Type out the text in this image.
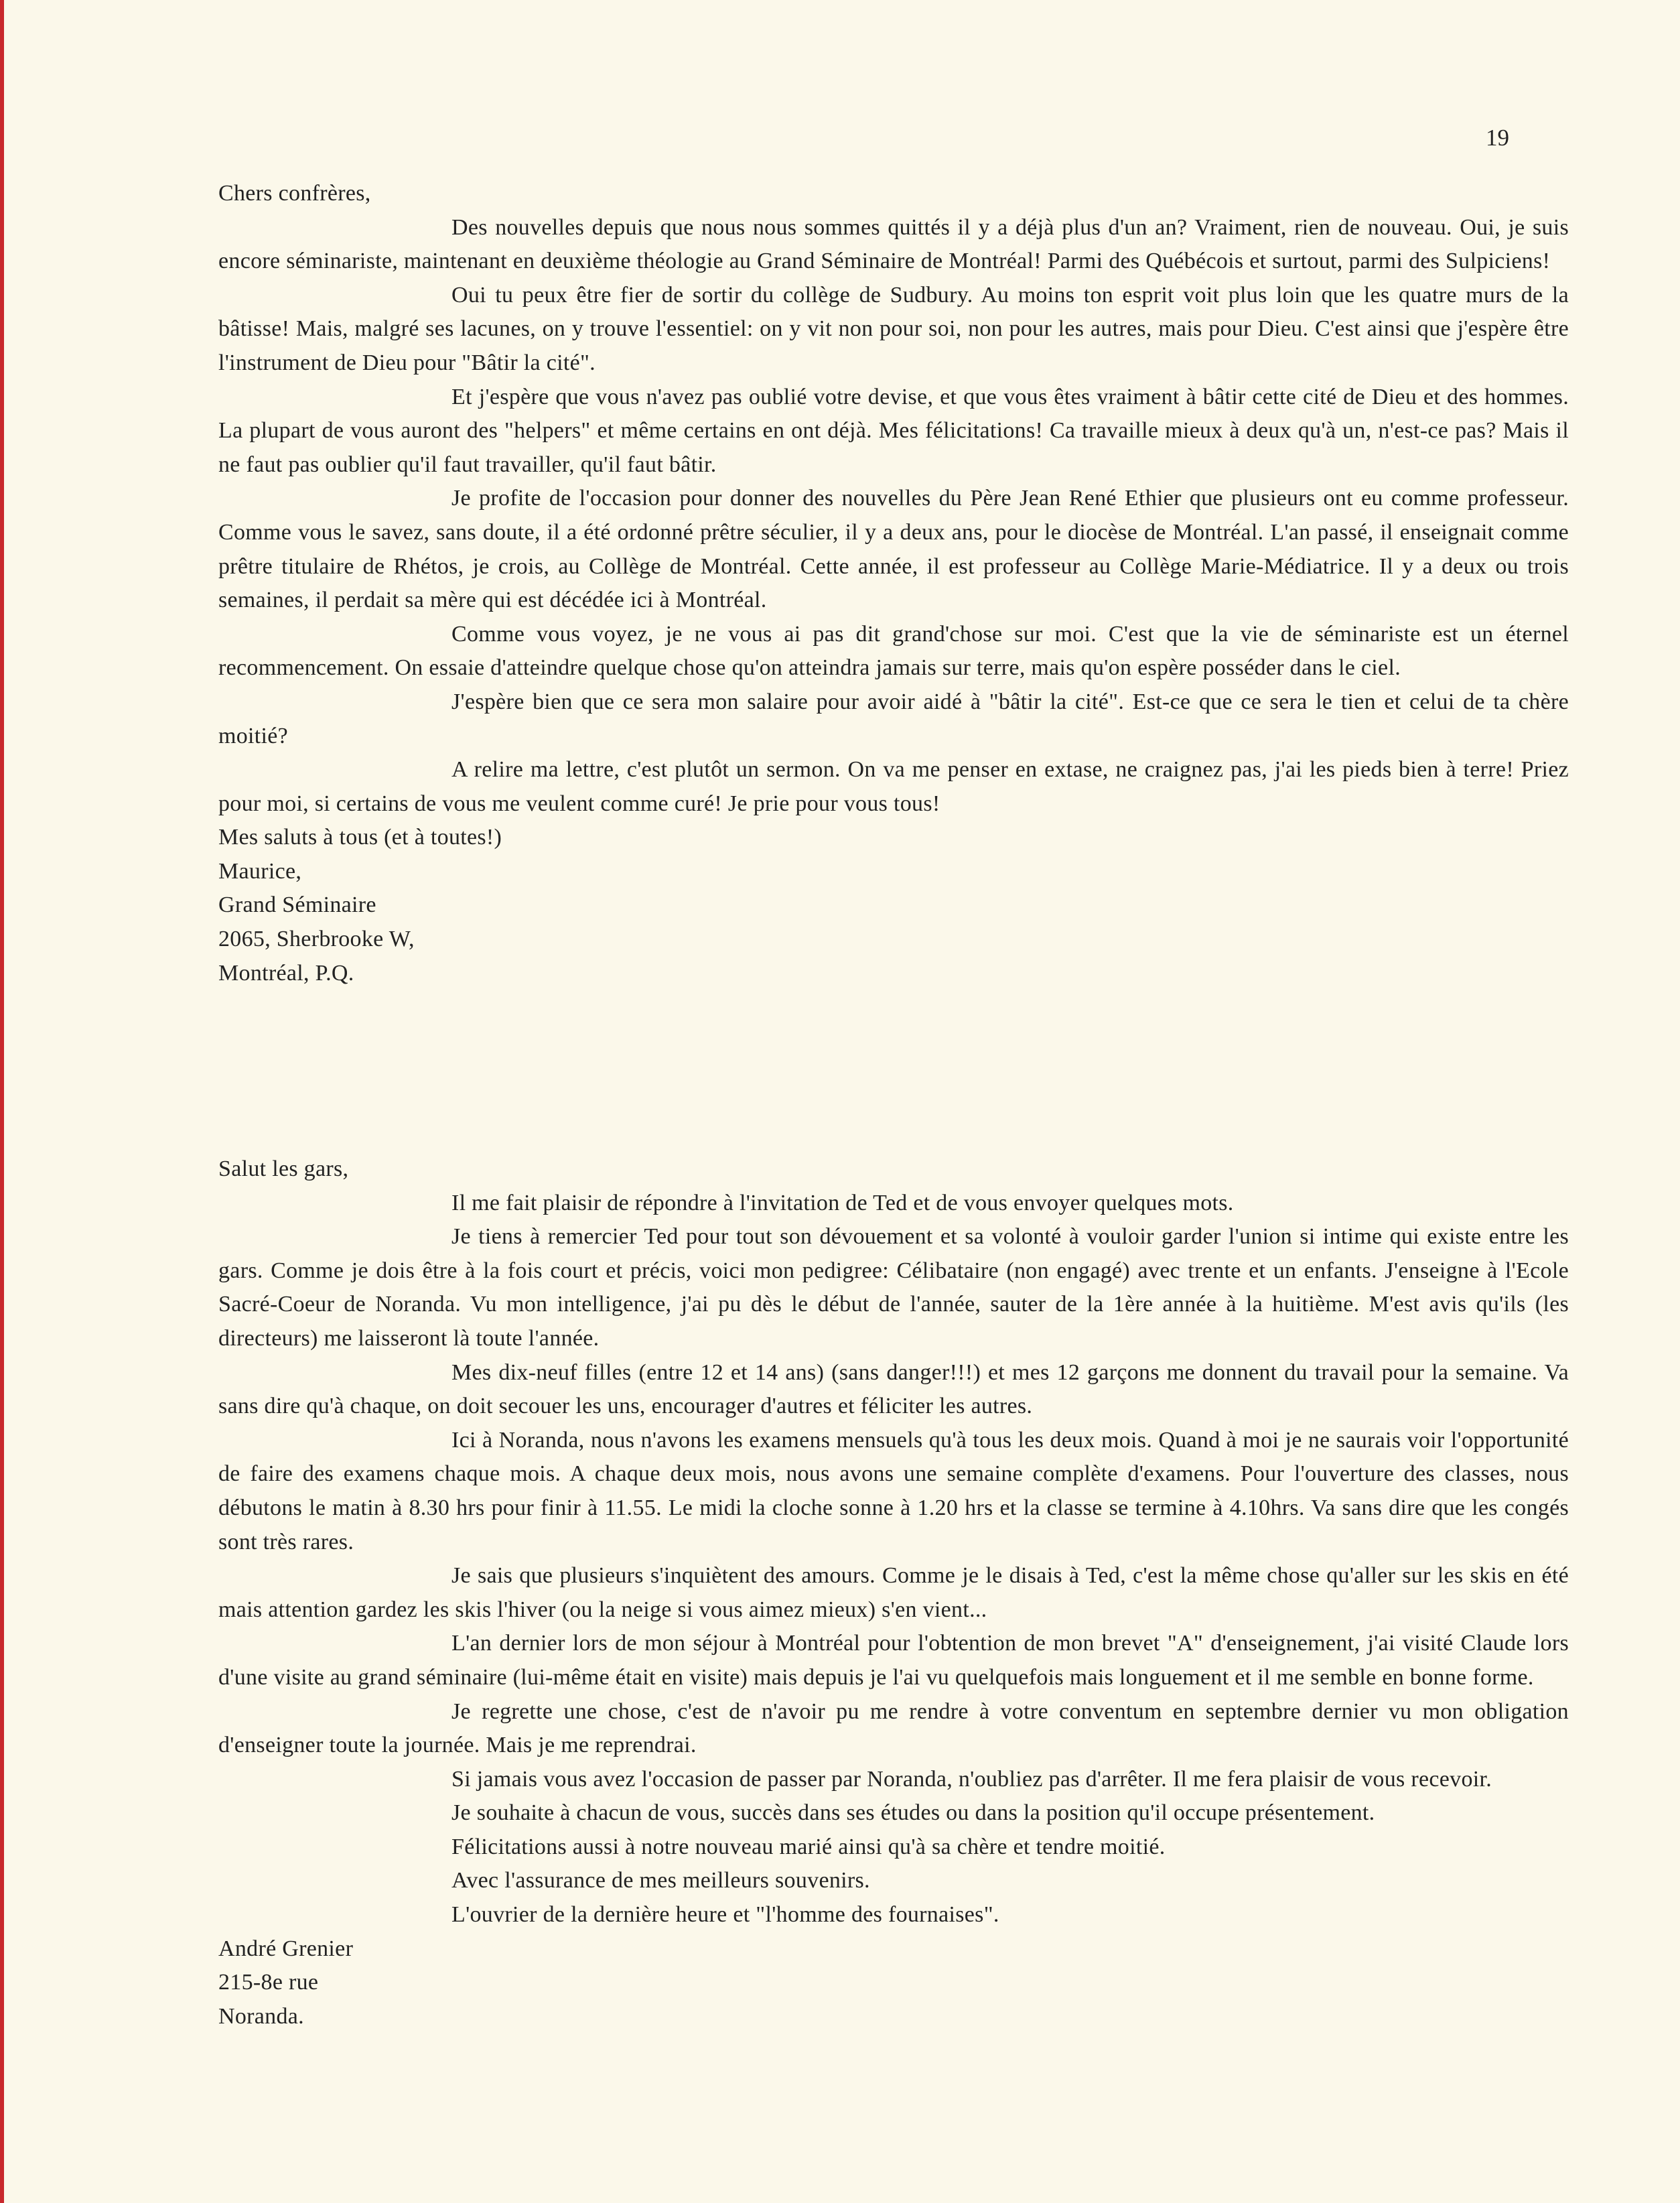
19

Chers confrères,

Des nouvelles depuis que nous nous sommes quittés il y a déjà plus d'un an? Vraiment, rien de nouveau. Oui, je suis encore séminariste, maintenant en deuxième théologie au Grand Séminaire de Montréal! Parmi des Québécois et surtout, parmi des Sulpiciens!

Oui tu peux être fier de sortir du collège de Sudbury. Au moins ton esprit voit plus loin que les quatre murs de la bâtisse! Mais, malgré ses lacunes, on y trouve l'essentiel: on y vit non pour soi, non pour les autres, mais pour Dieu. C'est ainsi que j'espère être l'instrument de Dieu pour "Bâtir la cité".

Et j'espère que vous n'avez pas oublié votre devise, et que vous êtes vraiment à bâtir cette cité de Dieu et des hommes. La plupart de vous auront des "helpers" et même certains en ont déjà. Mes félicitations! Ca travaille mieux à deux qu'à un, n'est-ce pas? Mais il ne faut pas oublier qu'il faut travailler, qu'il faut bâtir.

Je profite de l'occasion pour donner des nouvelles du Père Jean René Ethier que plusieurs ont eu comme professeur. Comme vous le savez, sans doute, il a été ordonné prêtre séculier, il y a deux ans, pour le diocèse de Montréal. L'an passé, il enseignait comme prêtre titulaire de Rhétos, je crois, au Collège de Montréal. Cette année, il est professeur au Collège Marie-Médiatrice. Il y a deux ou trois semaines, il perdait sa mère qui est décédée ici à Montréal.

Comme vous voyez, je ne vous ai pas dit grand'chose sur moi. C'est que la vie de séminariste est un éternel recommencement. On essaie d'atteindre quelque chose qu'on atteindra jamais sur terre, mais qu'on espère posséder dans le ciel.

J'espère bien que ce sera mon salaire pour avoir aidé à "bâtir la cité". Est-ce que ce sera le tien et celui de ta chère moitié?

A relire ma lettre, c'est plutôt un sermon. On va me penser en extase, ne craignez pas, j'ai les pieds bien à terre! Priez pour moi, si certains de vous me veulent comme curé! Je prie pour vous tous!

Mes saluts à tous (et à toutes!)

Maurice,

Grand Séminaire

2065, Sherbrooke W,

Montréal, P.Q.

Salut les gars,

Il me fait plaisir de répondre à l'invitation de Ted et de vous envoyer quelques mots.

Je tiens à remercier Ted pour tout son dévouement et sa volonté à vouloir garder l'union si intime qui existe entre les gars. Comme je dois être à la fois court et précis, voici mon pedigree: Célibataire (non engagé) avec trente et un enfants. J'enseigne à l'Ecole Sacré-Coeur de Noranda. Vu mon intelligence, j'ai pu dès le début de l'année, sauter de la 1ère année à la huitième. M'est avis qu'ils (les directeurs) me laisseront là toute l'année.

Mes dix-neuf filles (entre 12 et 14 ans) (sans danger!!!) et mes 12 garçons me donnent du travail pour la semaine. Va sans dire qu'à chaque, on doit secouer les uns, encourager d'autres et féliciter les autres.

Ici à Noranda, nous n'avons les examens mensuels qu'à tous les deux mois. Quand à moi je ne saurais voir l'opportunité de faire des examens chaque mois. A chaque deux mois, nous avons une semaine complète d'examens. Pour l'ouverture des classes, nous débutons le matin à 8.30 hrs pour finir à 11.55. Le midi la cloche sonne à 1.20 hrs et la classe se termine à 4.10hrs. Va sans dire que les congés sont très rares.

Je sais que plusieurs s'inquiètent des amours. Comme je le disais à Ted, c'est la même chose qu'aller sur les skis en été mais attention gardez les skis l'hiver (ou la neige si vous aimez mieux) s'en vient...

L'an dernier lors de mon séjour à Montréal pour l'obtention de mon brevet "A" d'enseignement, j'ai visité Claude lors d'une visite au grand séminaire (lui-même était en visite) mais depuis je l'ai vu quelquefois mais longuement et il me semble en bonne forme.

Je regrette une chose, c'est de n'avoir pu me rendre à votre conventum en septembre dernier vu mon obligation d'enseigner toute la journée. Mais je me reprendrai.

Si jamais vous avez l'occasion de passer par Noranda, n'oubliez pas d'arrêter. Il me fera plaisir de vous recevoir.

Je souhaite à chacun de vous, succès dans ses études ou dans la position qu'il occupe présentement.

Félicitations aussi à notre nouveau marié ainsi qu'à sa chère et tendre moitié.

Avec l'assurance de mes meilleurs souvenirs.

L'ouvrier de la dernière heure et "l'homme des fournaises".

André Grenier

215-8e rue

Noranda.
